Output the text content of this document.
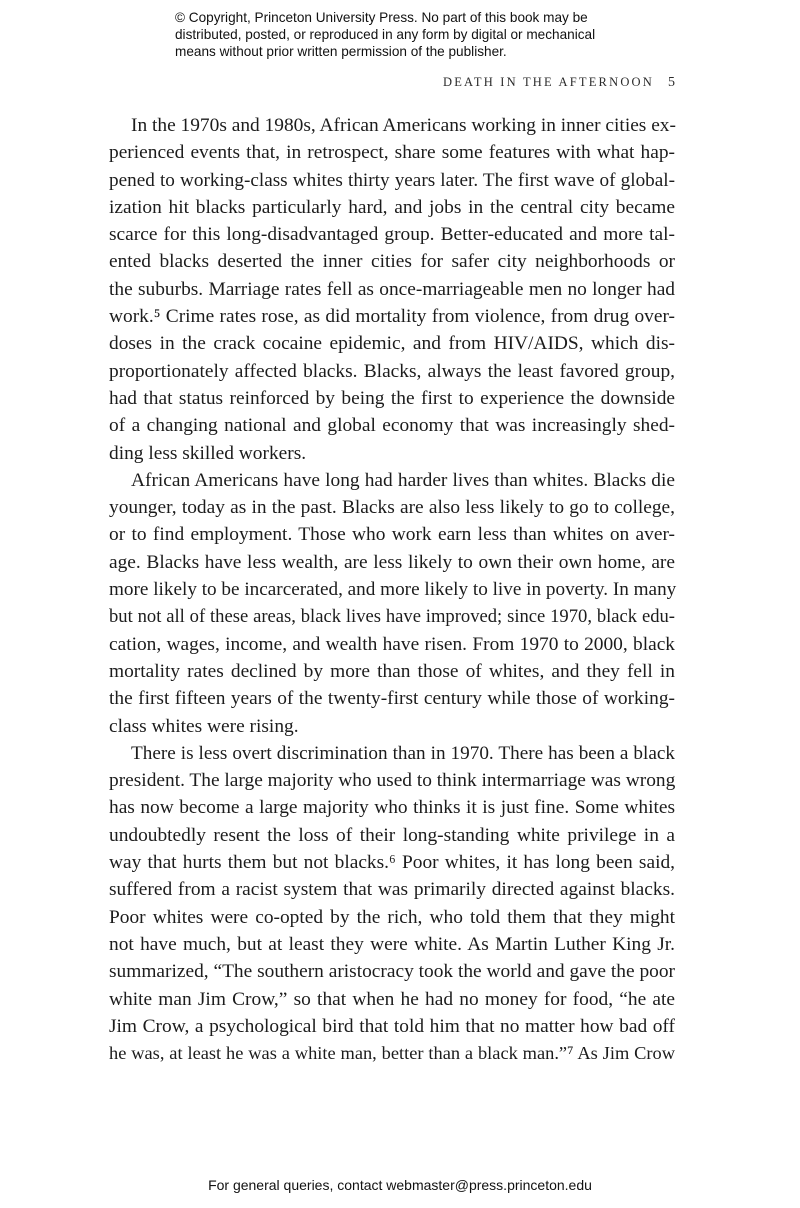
© Copyright, Princeton University Press. No part of this book may be
distributed, posted, or reproduced in any form by digital or mechanical
means without prior written permission of the publisher.
DEATH IN THE AFTERNOON 5
In the 1970s and 1980s, African Americans working in inner cities ex-
perienced events that, in retrospect, share some features with what hap-
pened to working-class whites thirty years later. The first wave of global-
ization hit blacks particularly hard, and jobs in the central city became
scarce for this long-disadvantaged group. Better-educated and more tal-
ented blacks deserted the inner cities for safer city neighborhoods or
the suburbs. Marriage rates fell as once-marriageable men no longer had
work.⁵ Crime rates rose, as did mortality from violence, from drug over-
doses in the crack cocaine epidemic, and from HIV/AIDS, which dis-
proportionately affected blacks. Blacks, always the least favored group,
had that status reinforced by being the first to experience the downside
of a changing national and global economy that was increasingly shed-
ding less skilled workers.
African Americans have long had harder lives than whites. Blacks die
younger, today as in the past. Blacks are also less likely to go to college,
or to find employment. Those who work earn less than whites on aver-
age. Blacks have less wealth, are less likely to own their own home, are
more likely to be incarcerated, and more likely to live in poverty. In many
but not all of these areas, black lives have improved; since 1970, black edu-
cation, wages, income, and wealth have risen. From 1970 to 2000, black
mortality rates declined by more than those of whites, and they fell in
the first fifteen years of the twenty-first century while those of working-
class whites were rising.
There is less overt discrimination than in 1970. There has been a black
president. The large majority who used to think intermarriage was wrong
has now become a large majority who thinks it is just fine. Some whites
undoubtedly resent the loss of their long-standing white privilege in a
way that hurts them but not blacks.⁶ Poor whites, it has long been said,
suffered from a racist system that was primarily directed against blacks.
Poor whites were co-opted by the rich, who told them that they might
not have much, but at least they were white. As Martin Luther King Jr.
summarized, “The southern aristocracy took the world and gave the poor
white man Jim Crow,” so that when he had no money for food, “he ate
Jim Crow, a psychological bird that told him that no matter how bad off
he was, at least he was a white man, better than a black man.”⁷ As Jim Crow
For general queries, contact webmaster@press.princeton.edu
